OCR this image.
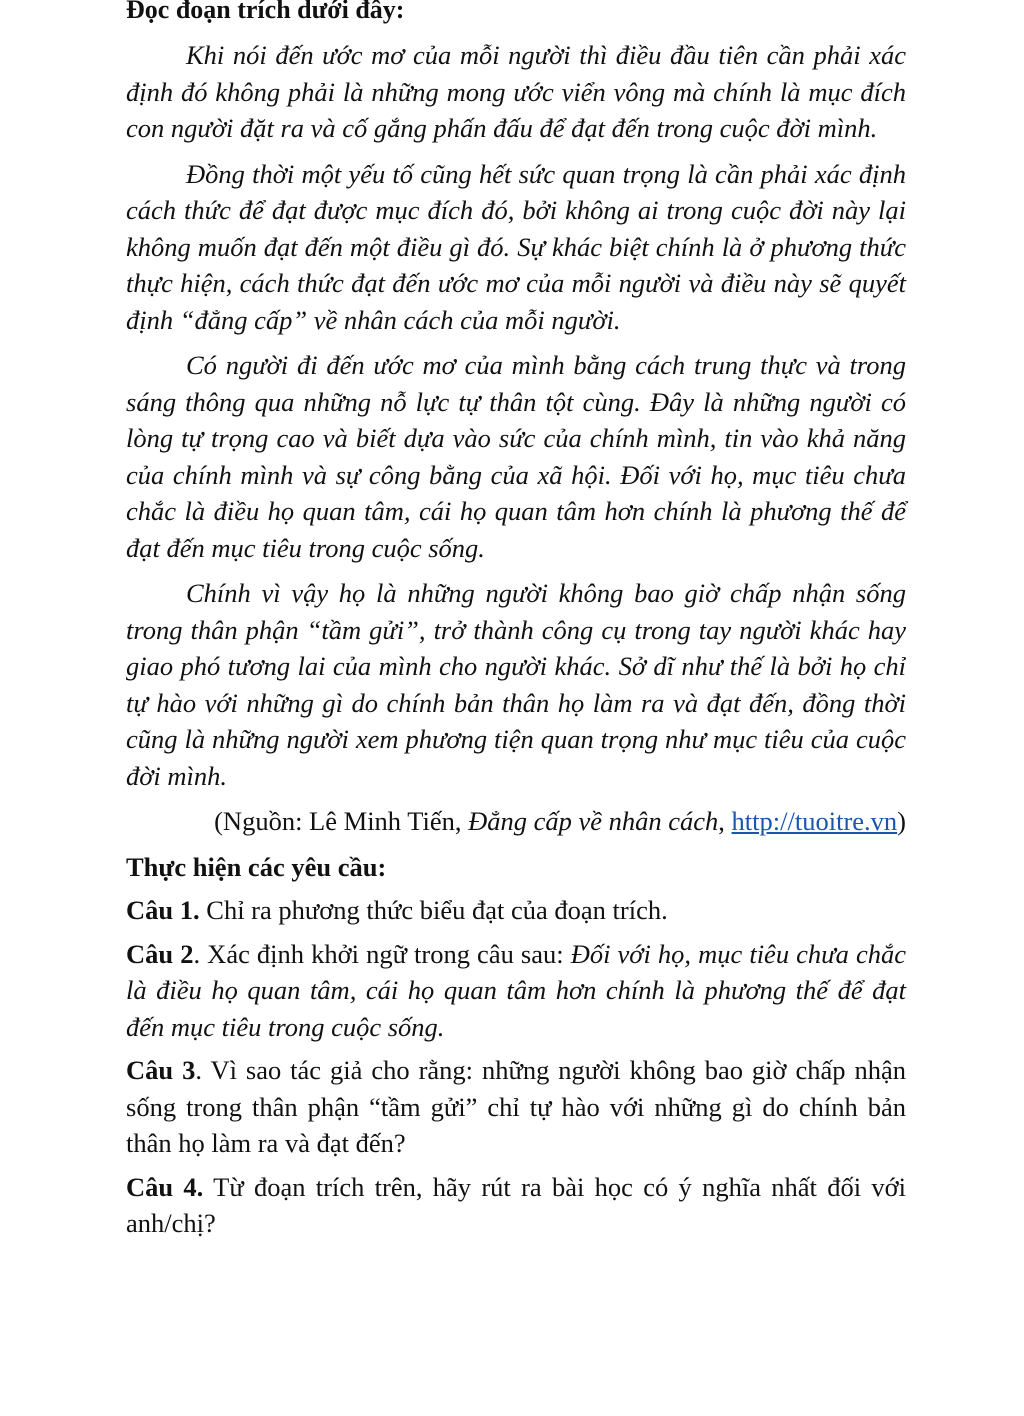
Đọc đoạn trích dưới đây:

Khi nói đến ước mơ của mỗi người thì điều đầu tiên cần phải xác định đó không phải là những mong ước viển vông mà chính là mục đích con người đặt ra và cố gắng phấn đấu để đạt đến trong cuộc đời mình.

Đồng thời một yếu tố cũng hết sức quan trọng là cần phải xác định cách thức để đạt được mục đích đó, bởi không ai trong cuộc đời này lại không muốn đạt đến một điều gì đó. Sự khác biệt chính là ở phương thức thực hiện, cách thức đạt đến ước mơ của mỗi người và điều này sẽ quyết định “đẳng cấp” về nhân cách của mỗi người.

Có người đi đến ước mơ của mình bằng cách trung thực và trong sáng thông qua những nỗ lực tự thân tột cùng. Đây là những người có lòng tự trọng cao và biết dựa vào sức của chính mình, tin vào khả năng của chính mình và sự công bằng của xã hội. Đối với họ, mục tiêu chưa chắc là điều họ quan tâm, cái họ quan tâm hơn chính là phương thế để đạt đến mục tiêu trong cuộc sống.

Chính vì vậy họ là những người không bao giờ chấp nhận sống trong thân phận “tầm gửi”, trở thành công cụ trong tay người khác hay giao phó tương lai của mình cho người khác. Sở dĩ như thế là bởi họ chỉ tự hào với những gì do chính bản thân họ làm ra và đạt đến, đồng thời cũng là những người xem phương tiện quan trọng như mục tiêu của cuộc đời mình.

(Nguồn: Lê Minh Tiến, Đẳng cấp về nhân cách, http://tuoitre.vn)
Thực hiện các yêu cầu:

Câu 1. Chỉ ra phương thức biểu đạt của đoạn trích.

Câu 2. Xác định khởi ngữ trong câu sau: Đối với họ, mục tiêu chưa chắc là điều họ quan tâm, cái họ quan tâm hơn chính là phương thế để đạt đến mục tiêu trong cuộc sống.

Câu 3. Vì sao tác giả cho rằng: những người không bao giờ chấp nhận sống trong thân phận “tầm gửi” chỉ tự hào với những gì do chính bản thân họ làm ra và đạt đến?

Câu 4. Từ đoạn trích trên, hãy rút ra bài học có ý nghĩa nhất đối với anh/chị?
